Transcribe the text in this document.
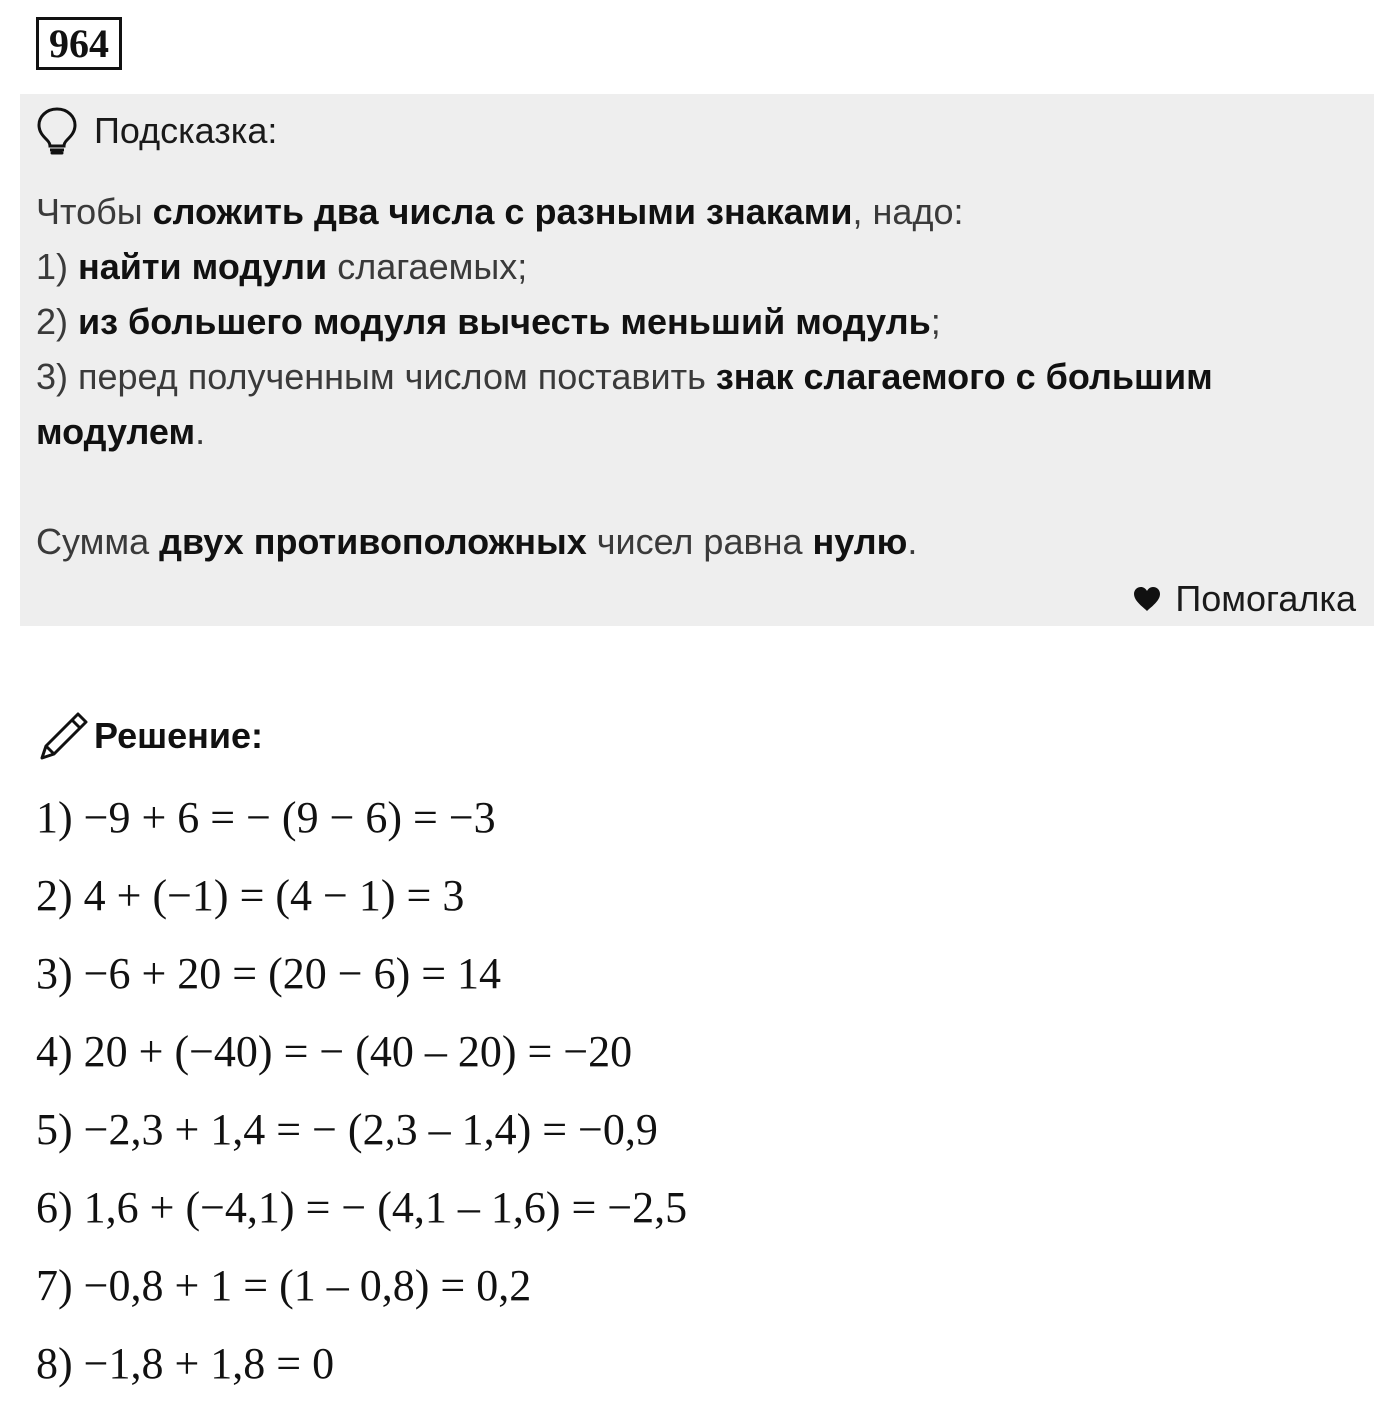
964
Подсказка:

Чтобы сложить два числа с разными знаками, надо:

1) найти модули слагаемых;

2) из большего модуля вычесть меньший модуль;

3) перед полученным числом поставить знак слагаемого с большим модулем.

Сумма двух противоположных чисел равна нулю.

Помогалка
Решение:
1) −9 + 6 = − (9 − 6) = −3
2) 4 + (−1) = (4 − 1) = 3
3) −6 + 20 = (20 − 6) = 14
4) 20 + (−40) = − (40 – 20) = −20
5) −2,3 + 1,4 = − (2,3 – 1,4) = −0,9
6) 1,6 + (−4,1) = − (4,1 – 1,6) = −2,5
7) −0,8 + 1 = (1 – 0,8) = 0,2
8) −1,8 + 1,8 = 0
